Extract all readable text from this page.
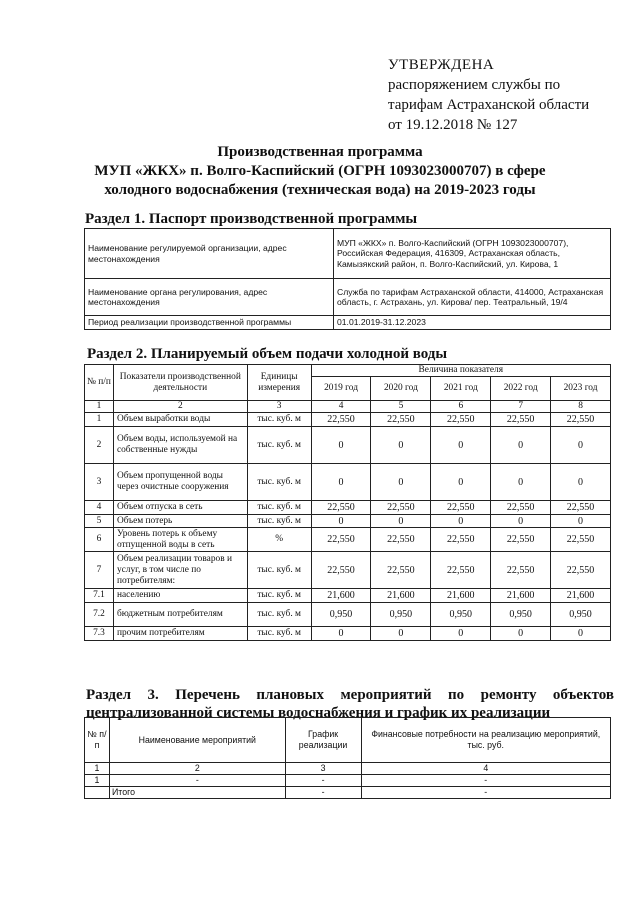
УТВЕРЖДЕНА
распоряжением службы по
тарифам Астраханской области
от 19.12.2018 № 127
Производственная программа
МУП «ЖКХ» п. Волго-Каспийский (ОГРН 1093023000707) в сфере
холодного водоснабжения (техническая вода) на 2019-2023 годы
Раздел 1. Паспорт производственной программы
Наименование регулируемой организации, адрес местонахождения	МУП «ЖКХ» п. Волго-Каспийский (ОГРН 1093023000707), Российская Федерация, 416309, Астраханская область, Камызякский район, п. Волго-Каспийский, ул. Кирова, 1
Наименование органа регулирования, адрес местонахождения	Служба по тарифам Астраханской области, 414000, Астраханская область, г. Астрахань, ул. Кирова/ пер. Театральный, 19/4
Период реализации производственной программы	01.01.2019-31.12.2023
Раздел 2. Планируемый объем подачи холодной воды
№ п/п	Показатели производственной деятельности	Единицы измерения	Величина показателя				
			2019 год	2020 год	2021 год	2022 год	2023 год
1	2	3	4	5	6	7	8
1	Объем выработки воды	тыс. куб. м	22,550	22,550	22,550	22,550	22,550
2	Объем воды, используемой на собственные нужды	тыс. куб. м	0	0	0	0	0
3	Объем пропущенной воды через очистные сооружения	тыс. куб. м	0	0	0	0	0
4	Объем отпуска в сеть	тыс. куб. м	22,550	22,550	22,550	22,550	22,550
5	Объем потерь	тыс. куб. м	0	0	0	0	0
6	Уровень потерь к объему отпущенной воды в сеть	%	22,550	22,550	22,550	22,550	22,550
7	Объем реализации товаров и услуг, в том числе по потребителям:	тыс. куб. м	22,550	22,550	22,550	22,550	22,550
7.1	населению	тыс. куб. м	21,600	21,600	21,600	21,600	21,600
7.2	бюджетным потребителям	тыс. куб. м	0,950	0,950	0,950	0,950	0,950
7.3	прочим потребителям	тыс. куб. м	0	0	0	0	0
Раздел 3. Перечень плановых мероприятий по ремонту объектов
централизованной системы водоснабжения и график их реализации
№ п/п	Наименование мероприятий	График реализации	Финансовые потребности на реализацию мероприятий, тыс. руб.
1	2	3	4
1	-	-	-
	Итого	-	-
